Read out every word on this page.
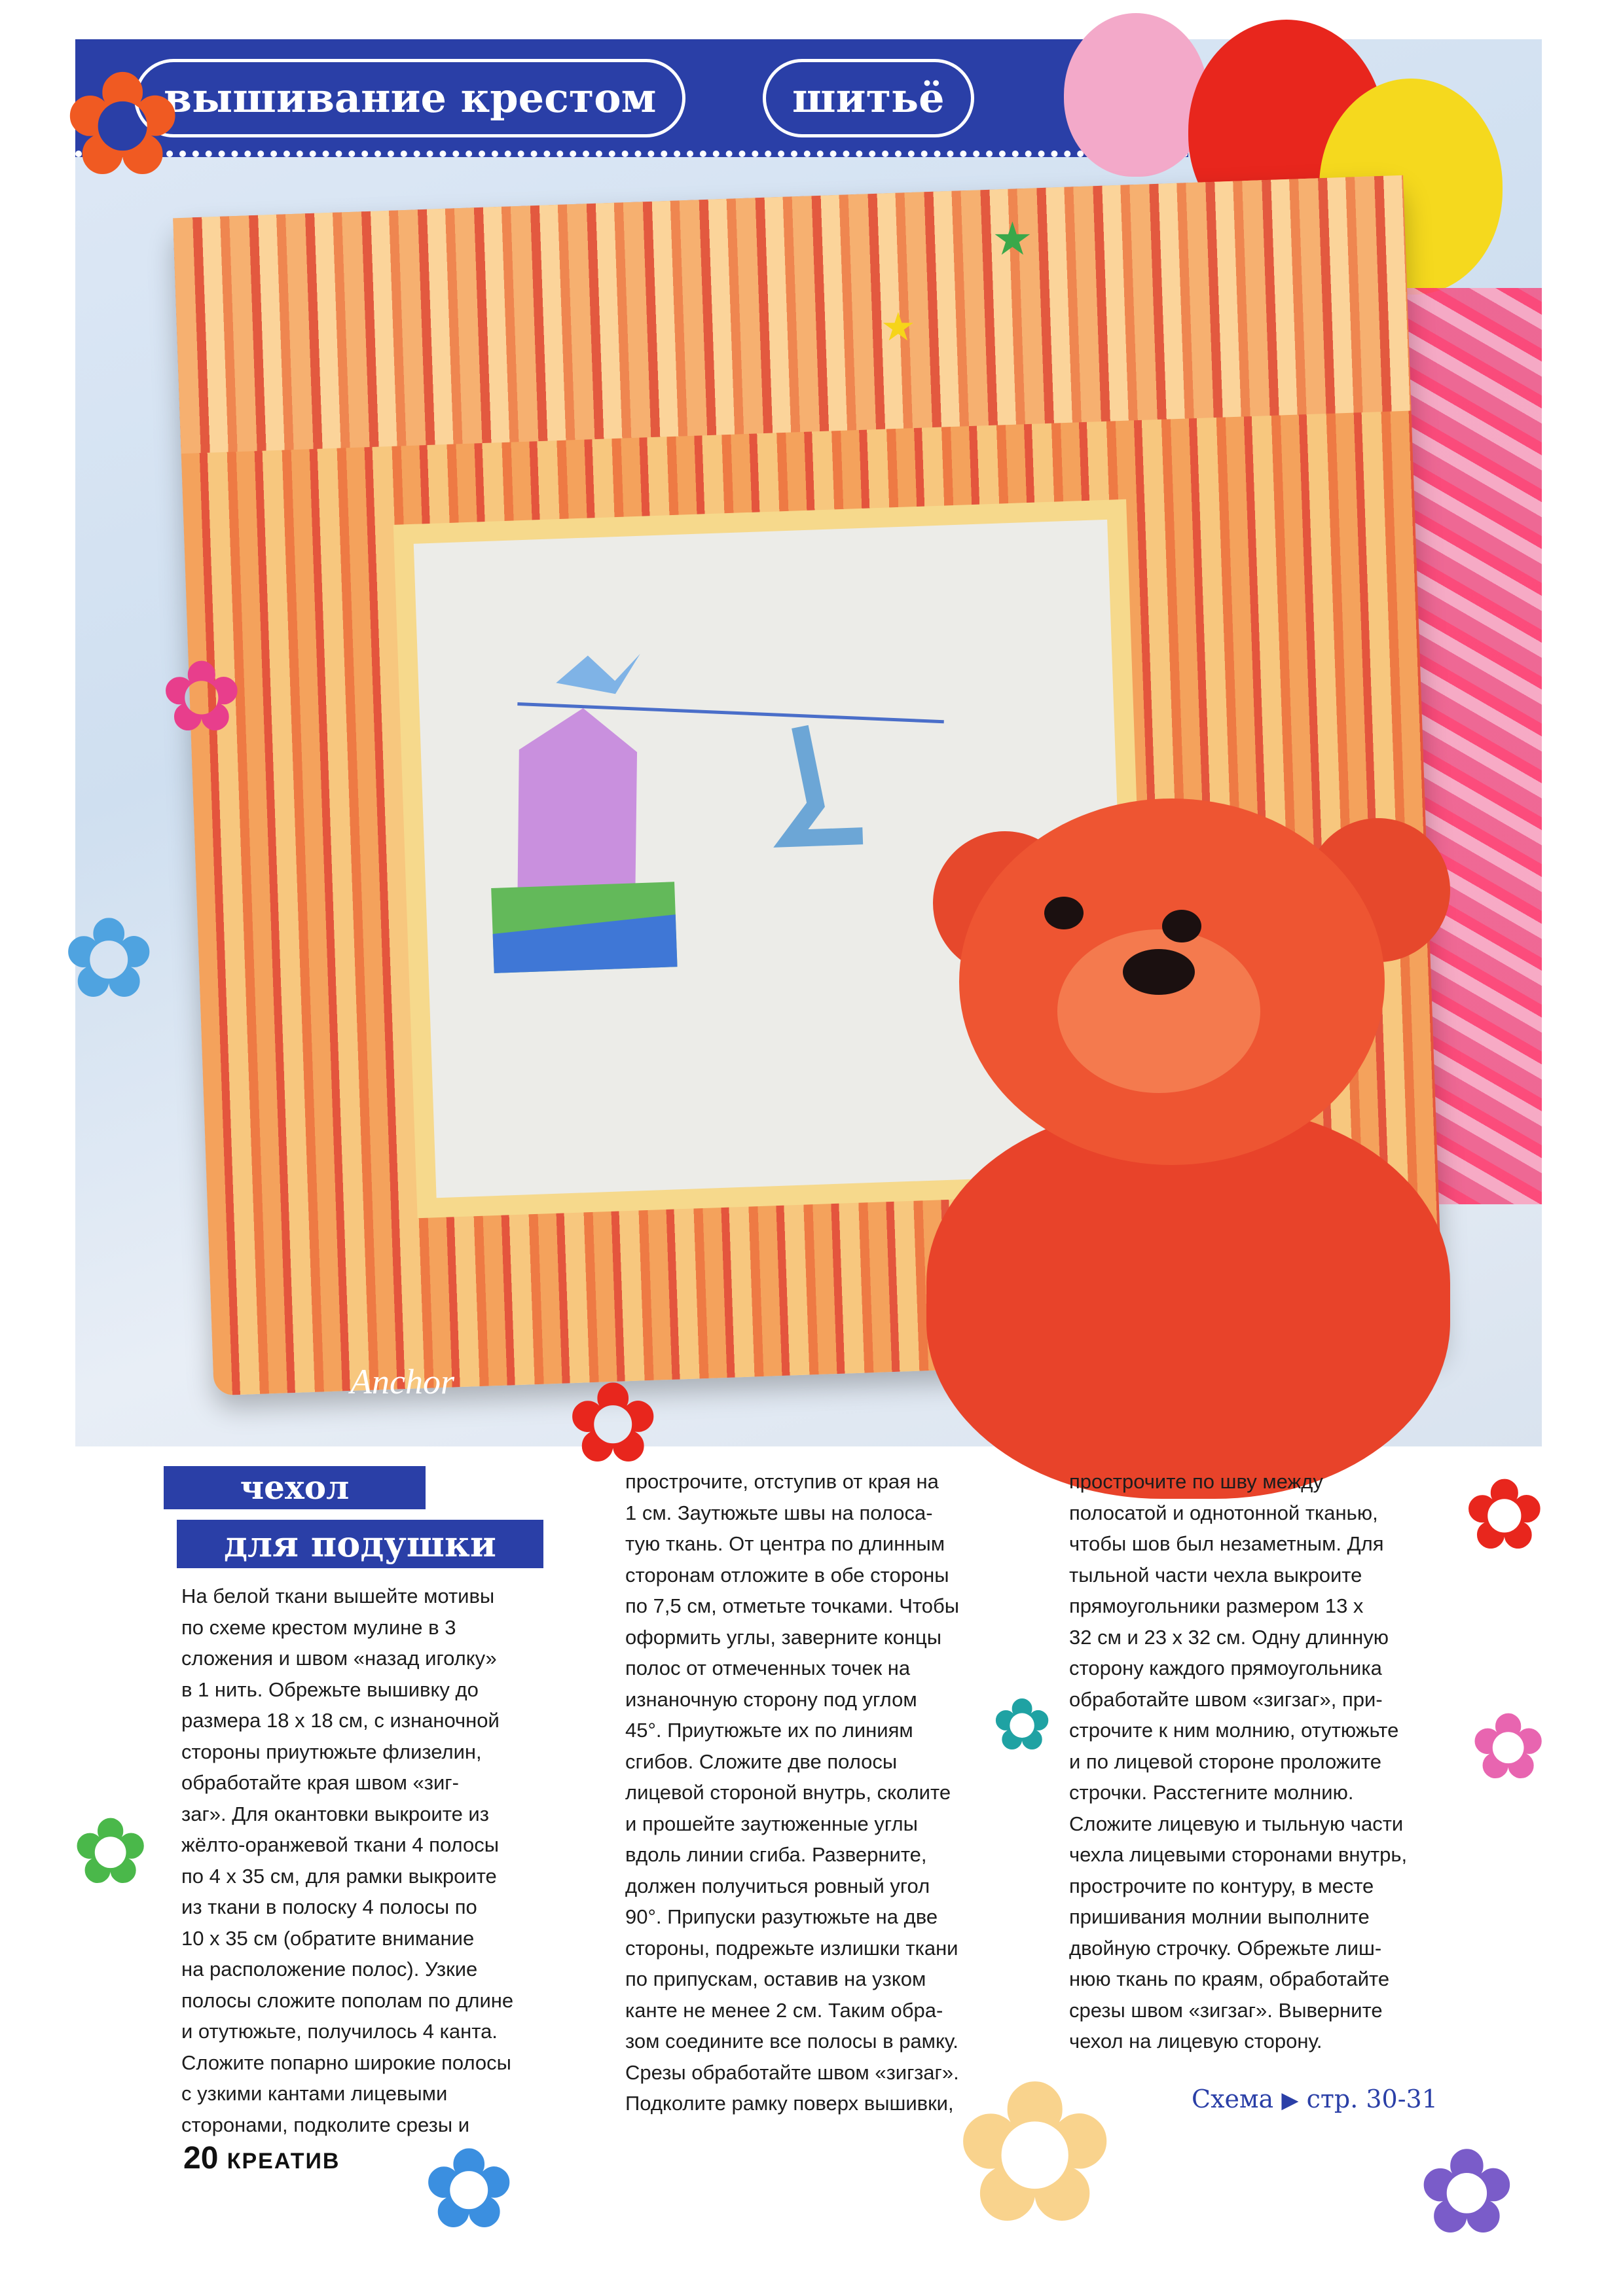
вышивание крестом	шитьё
✿
✿
✿
★
★
✿
Anchor
чехол
для подушки

На белой ткани вышейте мотивы
по схеме крестом мулине в 3
сложения и швом «назад иголку»
в 1 нить. Обрежьте вышивку до
размера 18 х 18 см, с изнаночной
стороны приутюжьте флизелин,
обработайте края швом «зиг-
заг». Для окантовки выкроите из
жёлто-оранжевой ткани 4 полосы
по 4 х 35 см, для рамки выкроите
из ткани в полоску 4 полосы по
10 х 35 см (обратите внимание
на расположение полос). Узкие
полосы сложите пополам по длине
и отутюжьте, получилось 4 канта.
Сложите попарно широкие полосы
с узкими кантами лицевыми
сторонами, подколите срезы и

прострочите, отступив от края на
1 см. Заутюжьте швы на полоса-
тую ткань. От центра по длинным
сторонам отложите в обе стороны
по 7,5 см, отметьте точками. Чтобы
оформить углы, заверните концы
полос от отмеченных точек на
изнаночную сторону под углом
45°. Приутюжьте их по линиям
сгибов. Сложите две полосы
лицевой стороной внутрь, сколите
и прошейте заутюженные углы
вдоль линии сгиба. Разверните,
должен получиться ровный угол
90°. Припуски разутюжьте на две
стороны, подрежьте излишки ткани
по припускам, оставив на узком
канте не менее 2 см. Таким обра-
зом соедините все полосы в рамку.
Срезы обработайте швом «зигзаг».
Подколите рамку поверх вышивки,

прострочите по шву между
полосатой и однотонной тканью,
чтобы шов был незаметным. Для
тыльной части чехла выкроите
прямоугольники размером 13 х
32 см и 23 х 32 см. Одну длинную
сторону каждого прямоугольника
обработайте швом «зигзаг», при-
строчите к ним молнию, отутюжьте
и по лицевой стороне проложите
строчки. Расстегните молнию.
Сложите лицевую и тыльную части
чехла лицевыми сторонами внутрь,
прострочите по контуру, в месте
пришивания молнии выполните
двойную строчку. Обрежьте лиш-
нюю ткань по краям, обработайте
срезы швом «зигзаг». Выверните
чехол на лицевую сторону.

✿
✿
✿
✿
✿ ✿	✿
Схема ▶ стр. 30-31
20 КРЕАТИВ
